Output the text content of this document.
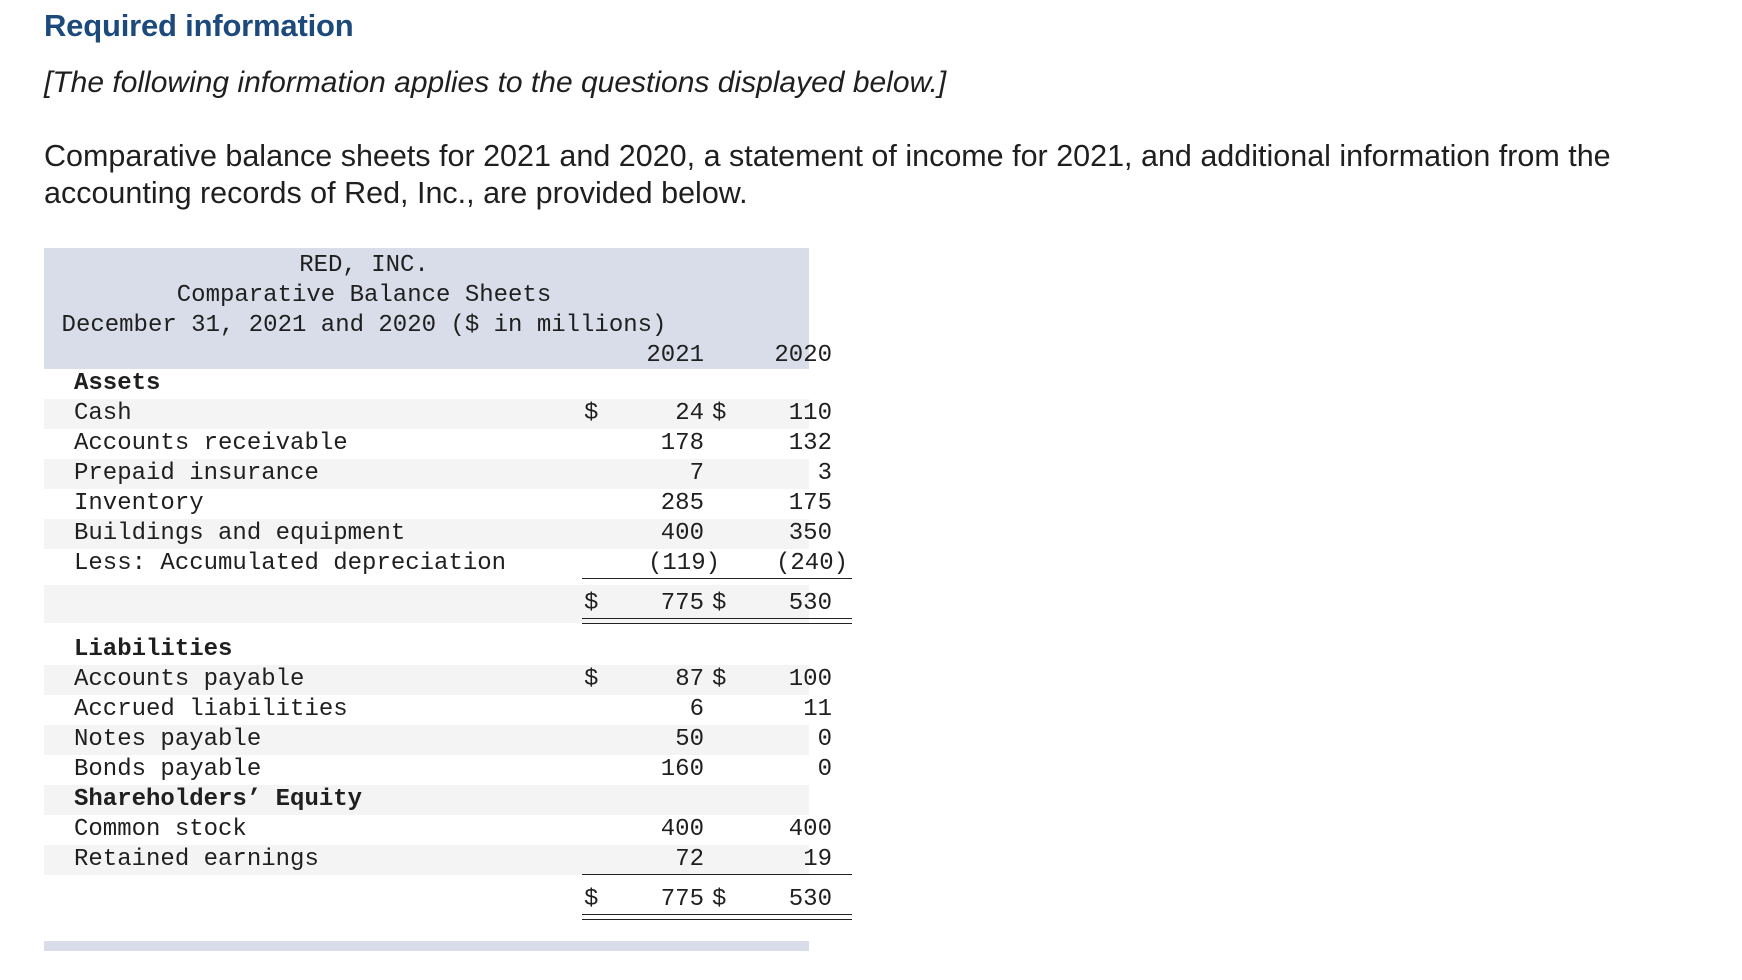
Required information
[The following information applies to the questions displayed below.]
Comparative balance sheets for 2021 and 2020, a statement of income for 2021, and additional information from the accounting records of Red, Inc., are provided below.
RED, INC.
Comparative Balance Sheets
December 31, 2021 and 2020 ($ in millions)
2021	2020
Assets
Cash	$	24 $	110
Accounts receivable	178	132
Prepaid insurance	7	3
Inventory	285	175
Buildings and equipment	400	350
Less: Accumulated depreciation	(119) (240)
$	775 $	530
Liabilities
Accounts payable	$	87 $	100
Accrued liabilities	6	11
Notes payable	50	0
Bonds payable	160	0
Shareholders’ Equity
Common stock	400	400
Retained earnings	72	19
$	775 $	530
